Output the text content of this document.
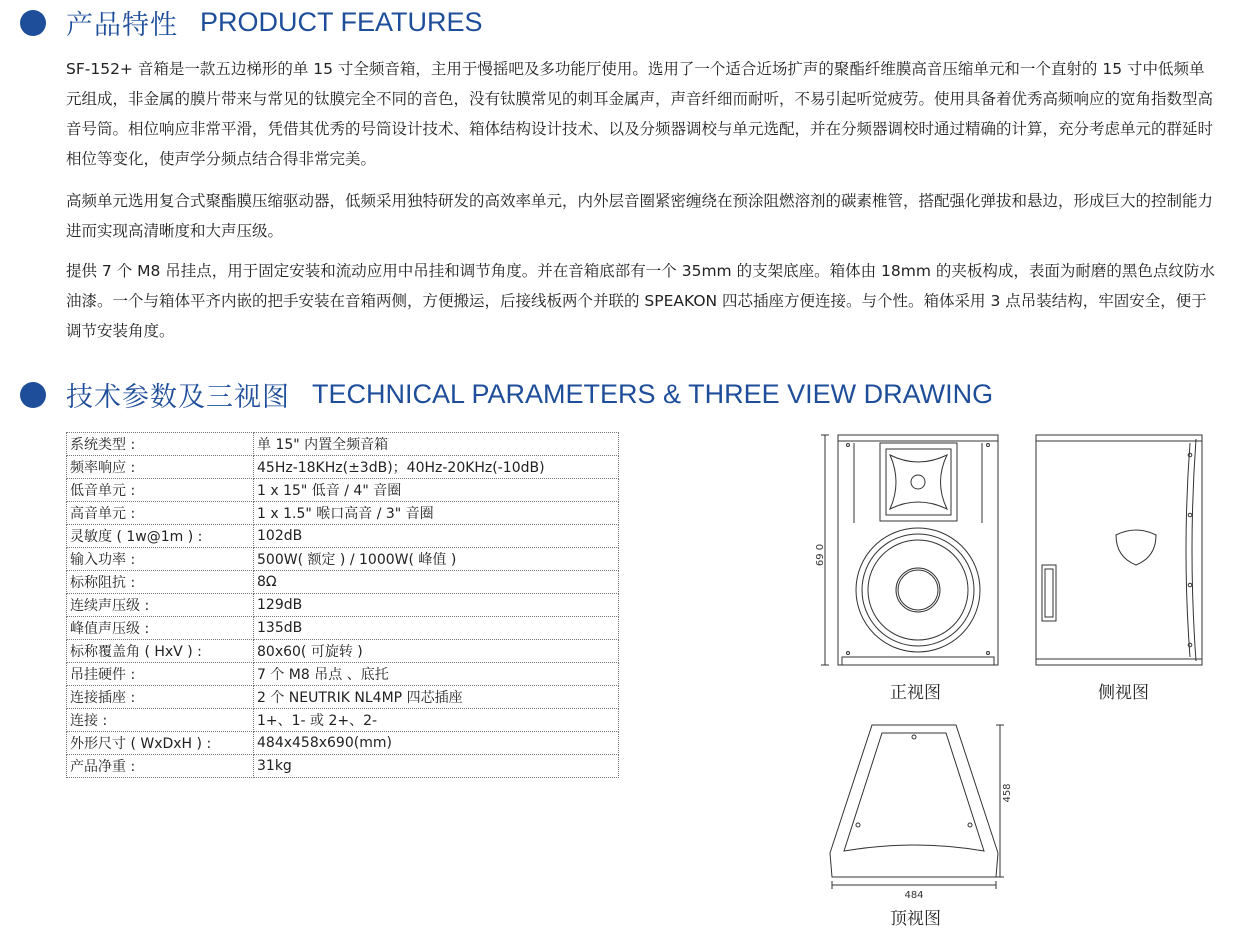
产品特性 PRODUCT FEATURES

SF-152+ 音箱是一款五边梯形的单 15 寸全频音箱，主用于慢摇吧及多功能厅使用。选用了一个适合近场扩声的聚酯纤维膜高音压缩单元和一个直射的 15 寸中低频单元组成，非金属的膜片带来与常见的钛膜完全不同的音色，没有钛膜常见的刺耳金属声，声音纤细而耐听，不易引起听觉疲劳。使用具备着优秀高频响应的宽角指数型高音号筒。相位响应非常平滑，凭借其优秀的号筒设计技术、箱体结构设计技术、以及分频器调校与单元选配，并在分频器调校时通过精确的计算，充分考虑单元的群延时相位等变化，使声学分频点结合得非常完美。

高频单元选用复合式聚酯膜压缩驱动器，低频采用独特研发的高效率单元，内外层音圈紧密缠绕在预涂阻燃溶剂的碳素椎管，搭配强化弹拔和悬边，形成巨大的控制能力进而实现高清晰度和大声压级。

提供 7 个 M8 吊挂点，用于固定安装和流动应用中吊挂和调节角度。并在音箱底部有一个 35mm 的支架底座。箱体由 18mm 的夹板构成，表面为耐磨的黑色点纹防水油漆。一个与箱体平齐内嵌的把手安装在音箱两侧，方便搬运，后接线板两个并联的 SPEAKON 四芯插座方便连接。与个性。箱体采用 3 点吊装结构，牢固安全，便于调节安装角度。

技术参数及三视图 TECHNICAL PARAMETERS & THREE VIEW DRAWING
系统类型 :	单 15" 内置全频音箱
频率响应 :	45Hz-18KHz(±3dB)；40Hz-20KHz(-10dB)
低音单元 :	1 x 15" 低音 / 4" 音圈
高音单元 :	1 x 1.5" 喉口高音 / 3" 音圈
灵敏度 ( 1w@1m ) :	102dB
输入功率 :	500W( 额定 ) / 1000W( 峰值 )
标称阻抗 :	8Ω
连续声压级 :	129dB
峰值声压级 :	135dB
标称覆盖角 ( HxV ) :	80x60( 可旋转 )
吊挂硬件 :	7 个 M8 吊点 、底托
连接插座 :	2 个 NEUTRIK NL4MP 四芯插座
连接 :	1+、1- 或 2+、2-
外形尺寸 ( WxDxH ) :	484x458x690(mm)
产品净重 :	31kg
69 0
458
484
正视图	侧视图
顶视图
